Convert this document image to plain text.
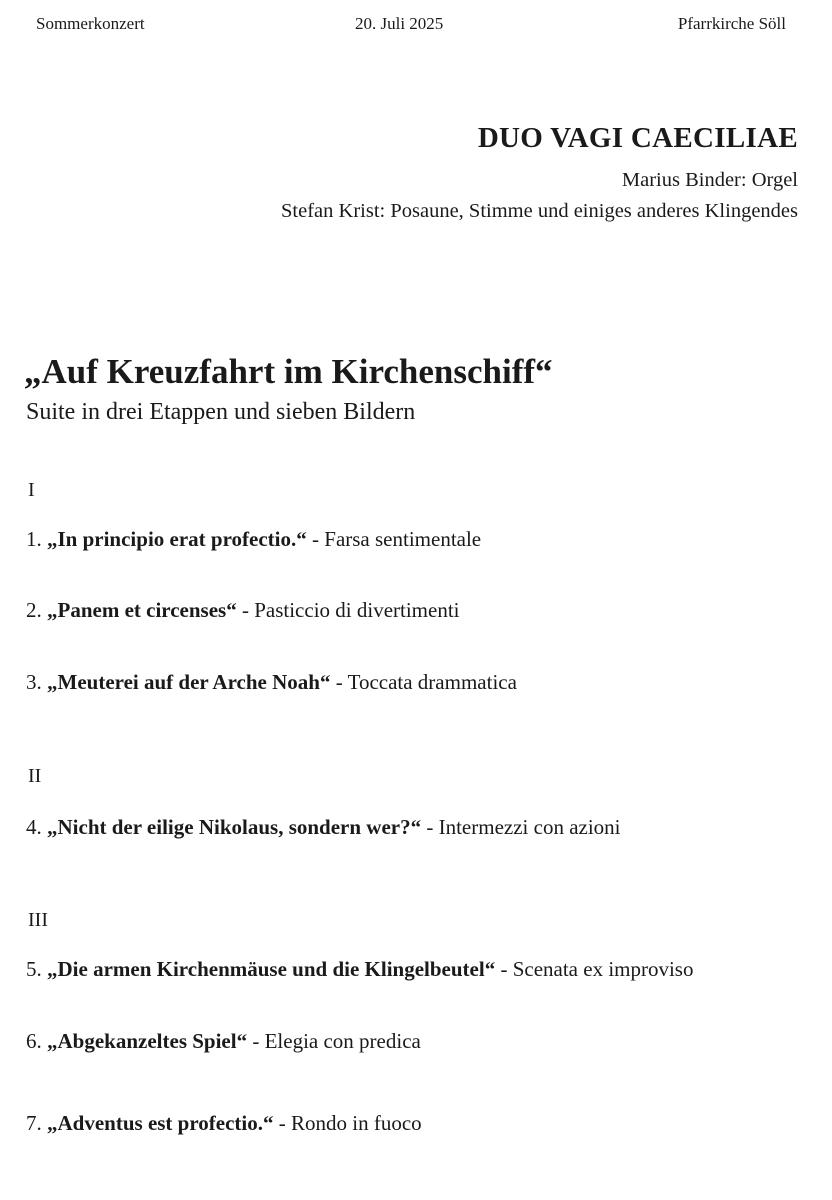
Sommerkonzert	20. Juli 2025	Pfarrkirche Söll
DUO VAGI CAECILIAE
Marius Binder: Orgel
Stefan Krist: Posaune, Stimme und einiges anderes Klingendes
„Auf Kreuzfahrt im Kirchenschiff“
Suite in drei Etappen und sieben Bildern
I
1. „In principio erat profectio.“ - Farsa sentimentale
2. „Panem et circenses“ - Pasticcio di divertimenti
3. „Meuterei auf der Arche Noah“ - Toccata drammatica
II
4. „Nicht der eilige Nikolaus, sondern wer?“ - Intermezzi con azioni
III
5. „Die armen Kirchenmäuse und die Klingelbeutel“ - Scenata ex improviso
6. „Abgekanzeltes Spiel“ - Elegia con predica
7. „Adventus est profectio.“ - Rondo in fuoco
